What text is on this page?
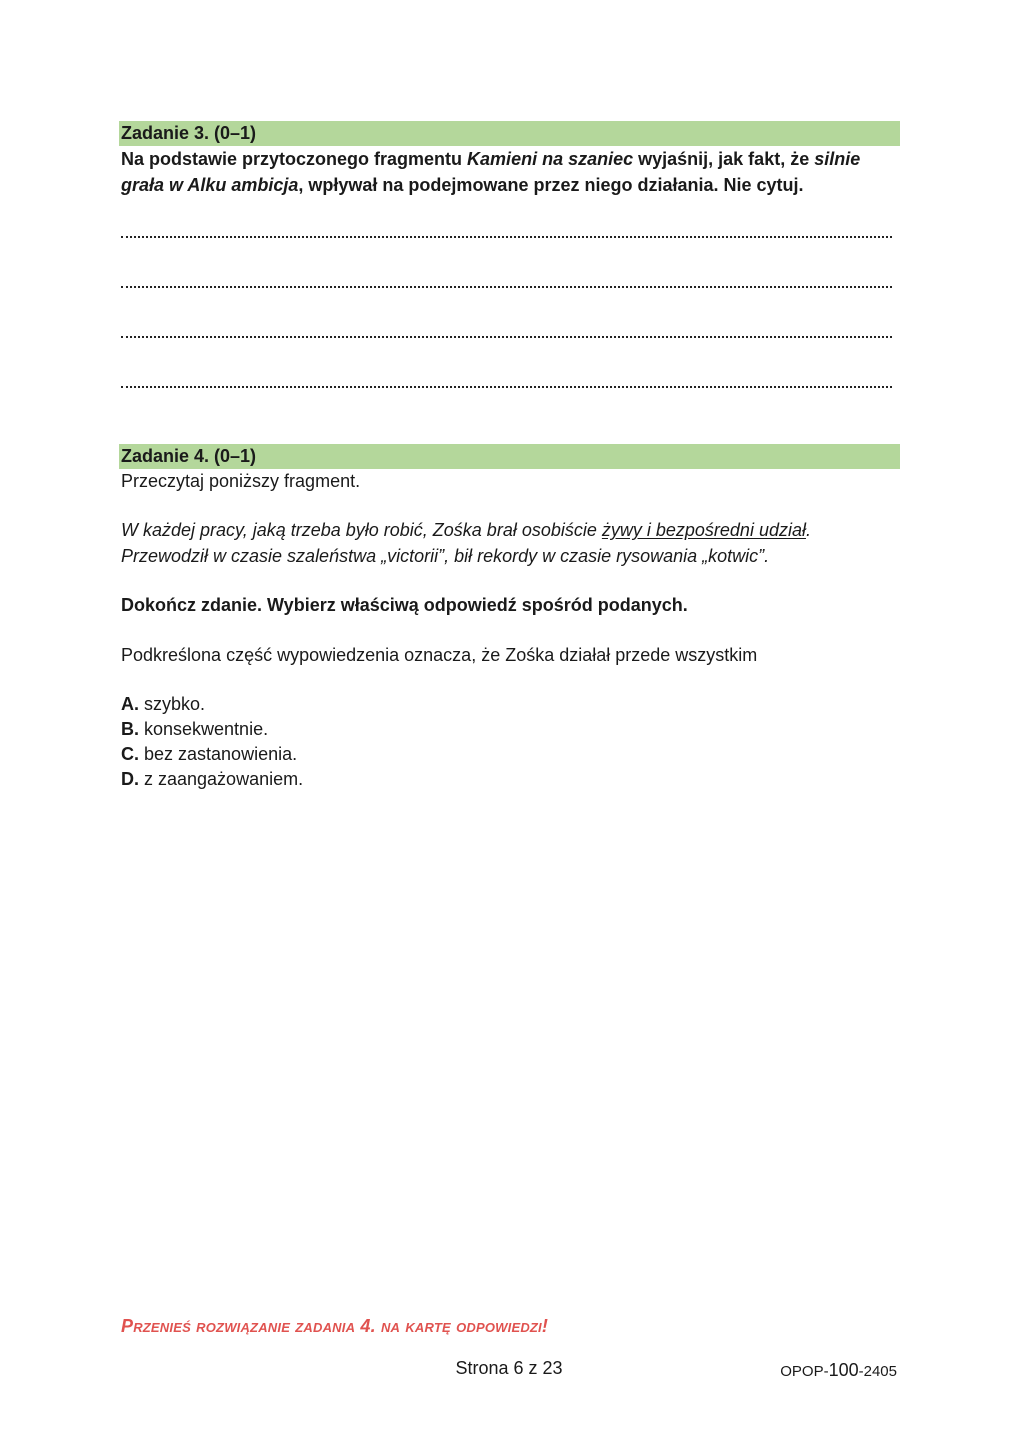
Zadanie 3. (0–1)
Na podstawie przytoczonego fragmentu Kamieni na szaniec wyjaśnij, jak fakt, że silnie grała w Alku ambicja, wpływał na podejmowane przez niego działania. Nie cytuj.
Zadanie 4. (0–1)
Przeczytaj poniższy fragment.
W każdej pracy, jaką trzeba było robić, Zośka brał osobiście żywy i bezpośredni udział.
Przewodził w czasie szaleństwa „victorii”, bił rekordy w czasie rysowania „kotwic”.
Dokończ zdanie. Wybierz właściwą odpowiedź spośród podanych.
Podkreślona część wypowiedzenia oznacza, że Zośka działał przede wszystkim
A. szybko.
B. konsekwentnie.
C. bez zastanowienia.
D. z zaangażowaniem.
Przenieś rozwiązanie zadania 4. na kartę odpowiedzi!
Strona 6 z 23	OPOP-100-2405
